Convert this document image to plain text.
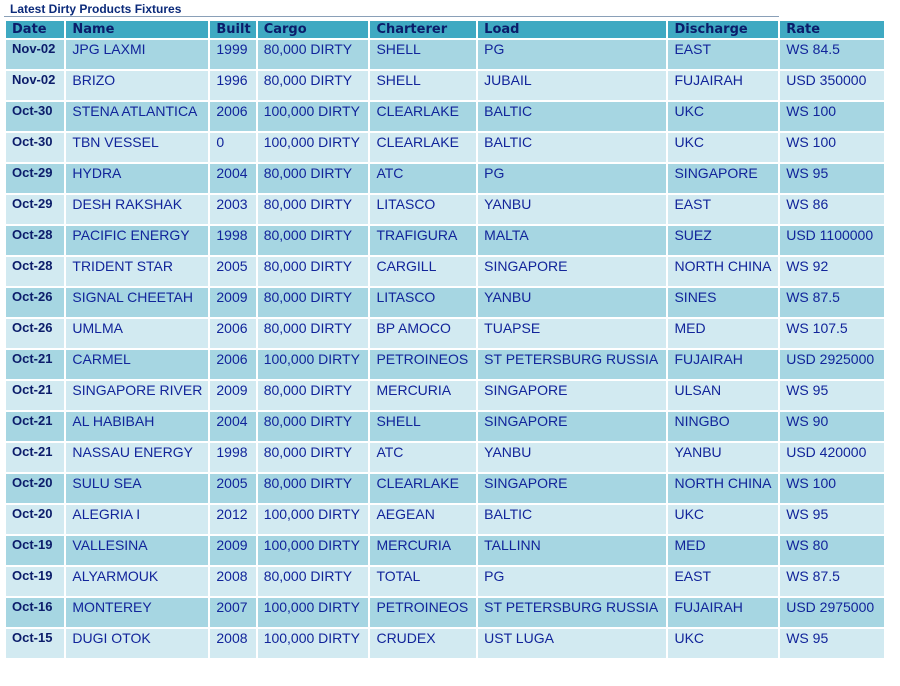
Latest Dirty Products Fixtures
Date	Name	Built	Cargo	Charterer	Load	Discharge	Rate
Nov-02	JPG LAXMI	1999	80,000 DIRTY	SHELL	PG	EAST	WS 84.5
Nov-02	BRIZO	1996	80,000 DIRTY	SHELL	JUBAIL	FUJAIRAH	USD 350000
Oct-30	STENA ATLANTICA	2006	100,000 DIRTY	CLEARLAKE	BALTIC	UKC	WS 100
Oct-30	TBN VESSEL	0	100,000 DIRTY	CLEARLAKE	BALTIC	UKC	WS 100
Oct-29	HYDRA	2004	80,000 DIRTY	ATC	PG	SINGAPORE	WS 95
Oct-29	DESH RAKSHAK	2003	80,000 DIRTY	LITASCO	YANBU	EAST	WS 86
Oct-28	PACIFIC ENERGY	1998	80,000 DIRTY	TRAFIGURA	MALTA	SUEZ	USD 1100000
Oct-28	TRIDENT STAR	2005	80,000 DIRTY	CARGILL	SINGAPORE	NORTH CHINA	WS 92
Oct-26	SIGNAL CHEETAH	2009	80,000 DIRTY	LITASCO	YANBU	SINES	WS 87.5
Oct-26	UMLMA	2006	80,000 DIRTY	BP AMOCO	TUAPSE	MED	WS 107.5
Oct-21	CARMEL	2006	100,000 DIRTY	PETROINEOS	ST PETERSBURG RUSSIA	FUJAIRAH	USD 2925000
Oct-21	SINGAPORE RIVER	2009	80,000 DIRTY	MERCURIA	SINGAPORE	ULSAN	WS 95
Oct-21	AL HABIBAH	2004	80,000 DIRTY	SHELL	SINGAPORE	NINGBO	WS 90
Oct-21	NASSAU ENERGY	1998	80,000 DIRTY	ATC	YANBU	YANBU	USD 420000
Oct-20	SULU SEA	2005	80,000 DIRTY	CLEARLAKE	SINGAPORE	NORTH CHINA	WS 100
Oct-20	ALEGRIA I	2012	100,000 DIRTY	AEGEAN	BALTIC	UKC	WS 95
Oct-19	VALLESINA	2009	100,000 DIRTY	MERCURIA	TALLINN	MED	WS 80
Oct-19	ALYARMOUK	2008	80,000 DIRTY	TOTAL	PG	EAST	WS 87.5
Oct-16	MONTEREY	2007	100,000 DIRTY	PETROINEOS	ST PETERSBURG RUSSIA	FUJAIRAH	USD 2975000
Oct-15	DUGI OTOK	2008	100,000 DIRTY	CRUDEX	UST LUGA	UKC	WS 95
